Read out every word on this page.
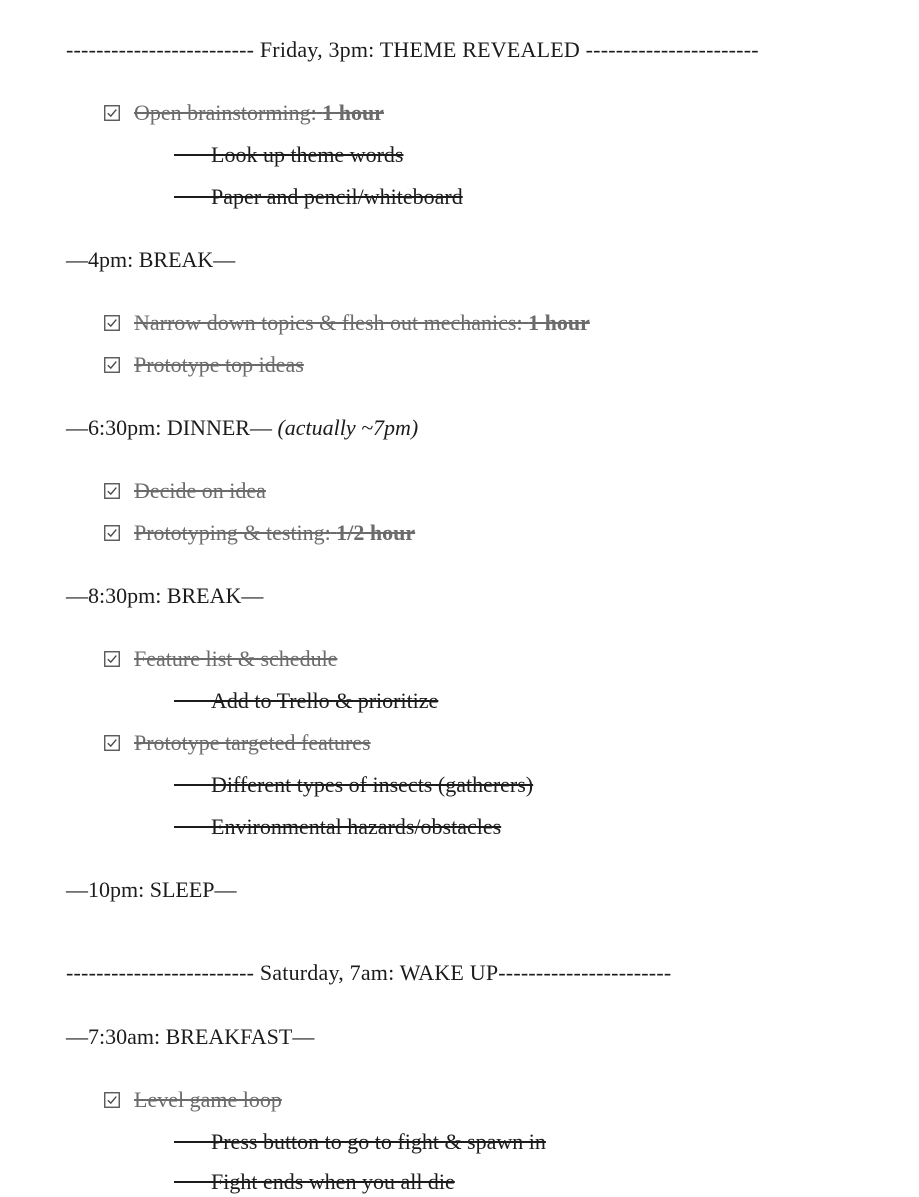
------------------------- Friday, 3pm: THEME REVEALED -----------------------
Open brainstorming: 1 hour
Look up theme words
Paper and pencil/whiteboard
—4pm: BREAK—
Narrow down topics & flesh out mechanics: 1 hour
Prototype top ideas
—6:30pm: DINNER— (actually ~7pm)
Decide on idea
Prototyping & testing: 1/2 hour
—8:30pm: BREAK—
Feature list & schedule
Add to Trello & prioritize
Prototype targeted features
Different types of insects (gatherers)
Environmental hazards/obstacles
—10pm: SLEEP—
------------------------- Saturday, 7am: WAKE UP-----------------------
—7:30am: BREAKFAST—
Level game loop
Press button to go to fight & spawn in
Fight ends when you all die
